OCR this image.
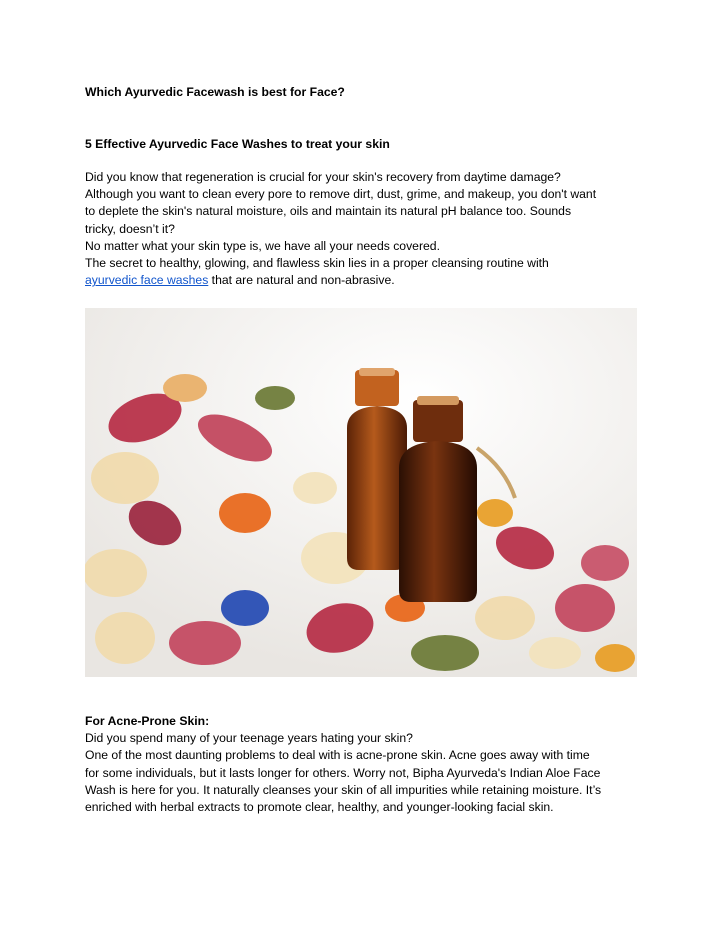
Which Ayurvedic Facewash is best for Face?
5 Effective Ayurvedic Face Washes to treat your skin
Did you know that regeneration is crucial for your skin's recovery from daytime damage?
Although you want to clean every pore to remove dirt, dust, grime, and makeup, you don't want
to deplete the skin's natural moisture, oils and maintain its natural pH balance too. Sounds
tricky, doesn’t it?
No matter what your skin type is, we have all your needs covered.
The secret to healthy, glowing, and flawless skin lies in a proper cleansing routine with
ayurvedic face washes that are natural and non-abrasive.
For Acne-Prone Skin:
Did you spend many of your teenage years hating your skin?
One of the most daunting problems to deal with is acne-prone skin. Acne goes away with time
for some individuals, but it lasts longer for others. Worry not, Bipha Ayurveda's Indian Aloe Face
Wash is here for you. It naturally cleanses your skin of all impurities while retaining moisture. It’s
enriched with herbal extracts to promote clear, healthy, and younger-looking facial skin.
